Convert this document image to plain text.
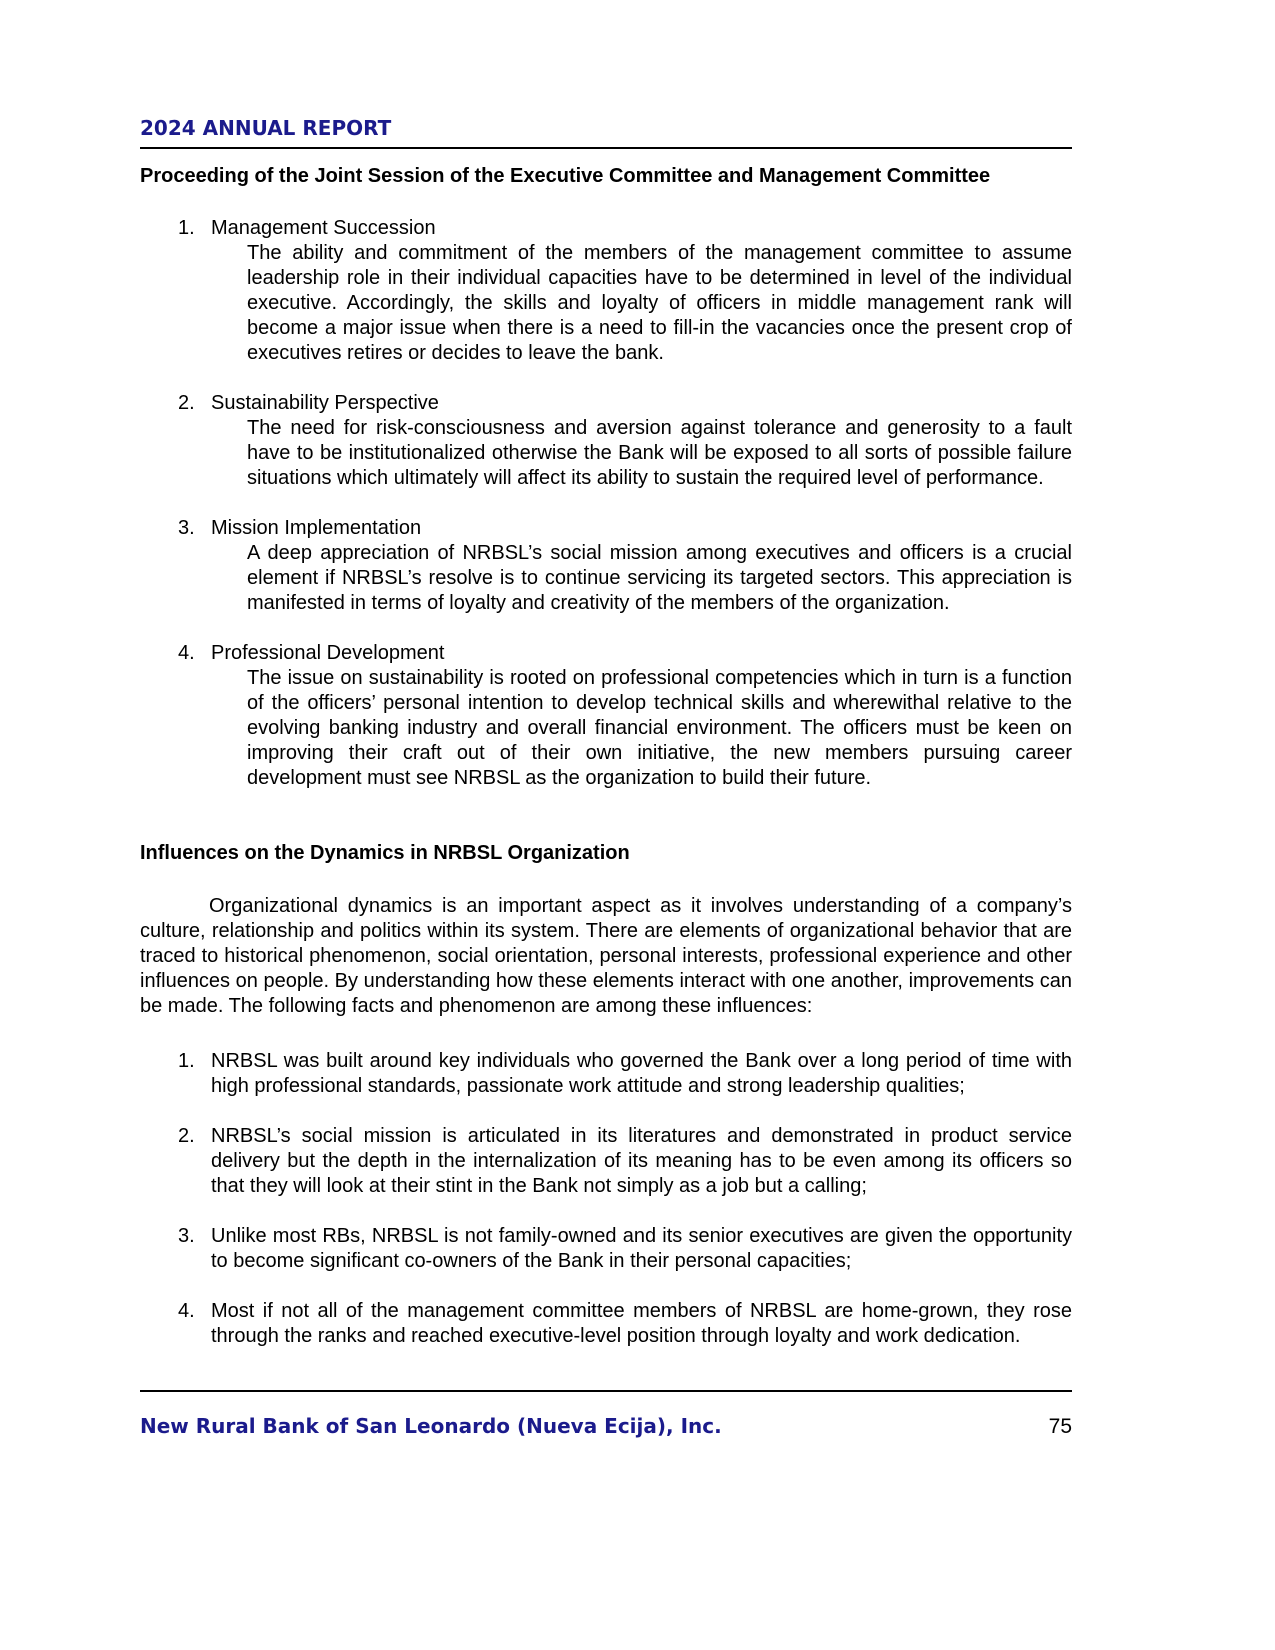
2024 ANNUAL REPORT
Proceeding of the Joint Session of the Executive Committee and Management Committee
1. Management Succession

The ability and commitment of the members of the management committee to assume leadership role in their individual capacities have to be determined in level of the individual executive. Accordingly, the skills and loyalty of officers in middle management rank will become a major issue when there is a need to fill-in the vacancies once the present crop of executives retires or decides to leave the bank.

2. Sustainability Perspective

The need for risk-consciousness and aversion against tolerance and generosity to a fault have to be institutionalized otherwise the Bank will be exposed to all sorts of possible failure situations which ultimately will affect its ability to sustain the required level of performance.

3. Mission Implementation

A deep appreciation of NRBSL’s social mission among executives and officers is a crucial element if NRBSL’s resolve is to continue servicing its targeted sectors. This appreciation is manifested in terms of loyalty and creativity of the members of the organization.

4. Professional Development

The issue on sustainability is rooted on professional competencies which in turn is a function of the officers’ personal intention to develop technical skills and wherewithal relative to the evolving banking industry and overall financial environment. The officers must be keen on improving their craft out of their own initiative, the new members pursuing career development must see NRBSL as the organization to build their future.

Influences on the Dynamics in NRBSL Organization

Organizational dynamics is an important aspect as it involves understanding of a company’s culture, relationship and politics within its system. There are elements of organizational behavior that are traced to historical phenomenon, social orientation, personal interests, professional experience and other influences on people. By understanding how these elements interact with one another, improvements can be made. The following facts and phenomenon are among these influences:

1. NRBSL was built around key individuals who governed the Bank over a long period of time with high professional standards, passionate work attitude and strong leadership qualities;

2. NRBSL’s social mission is articulated in its literatures and demonstrated in product service delivery but the depth in the internalization of its meaning has to be even among its officers so that they will look at their stint in the Bank not simply as a job but a calling;

3. Unlike most RBs, NRBSL is not family-owned and its senior executives are given the opportunity to become significant co-owners of the Bank in their personal capacities;

4. Most if not all of the management committee members of NRBSL are home-grown, they rose through the ranks and reached executive-level position through loyalty and work dedication.

New Rural Bank of San Leonardo (Nueva Ecija), Inc.	75
